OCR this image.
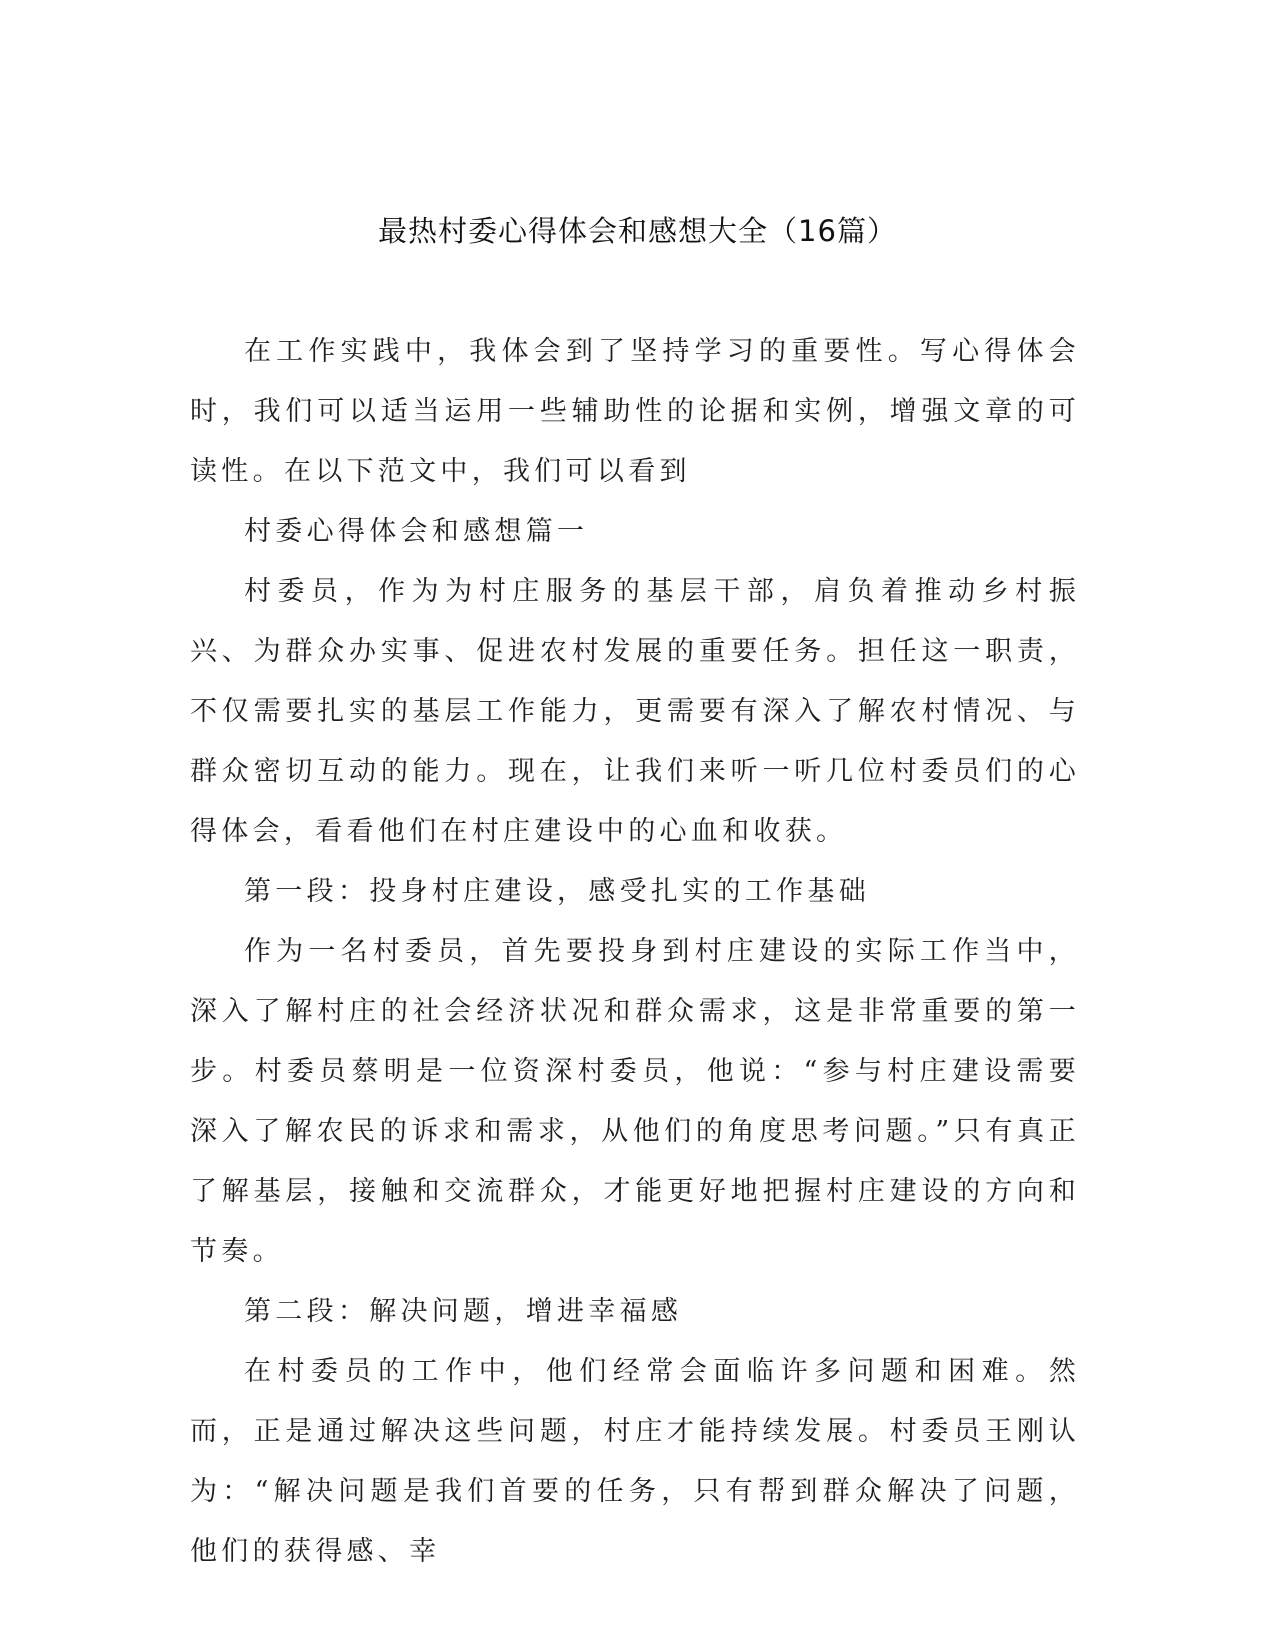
最热村委心得体会和感想大全（16篇）

在工作实践中，我体会到了坚持学习的重要性。写心得体会时，我们可以适当运用一些辅助性的论据和实例，增强文章的可读性。在以下范文中，我们可以看到

村委心得体会和感想篇一

村委员，作为为村庄服务的基层干部，肩负着推动乡村振兴、为群众办实事、促进农村发展的重要任务。担任这一职责，不仅需要扎实的基层工作能力，更需要有深入了解农村情况、与群众密切互动的能力。现在，让我们来听一听几位村委员们的心得体会，看看他们在村庄建设中的心血和收获。

第一段：投身村庄建设，感受扎实的工作基础

作为一名村委员，首先要投身到村庄建设的实际工作当中，深入了解村庄的社会经济状况和群众需求，这是非常重要的第一步。村委员蔡明是一位资深村委员，他说：“参与村庄建设需要深入了解农民的诉求和需求，从他们的角度思考问题。”只有真正了解基层，接触和交流群众，才能更好地把握村庄建设的方向和节奏。

第二段：解决问题，增进幸福感

在村委员的工作中，他们经常会面临许多问题和困难。然而，正是通过解决这些问题，村庄才能持续发展。村委员王刚认为：“解决问题是我们首要的任务，只有帮到群众解决了问题，他们的获得感、幸
